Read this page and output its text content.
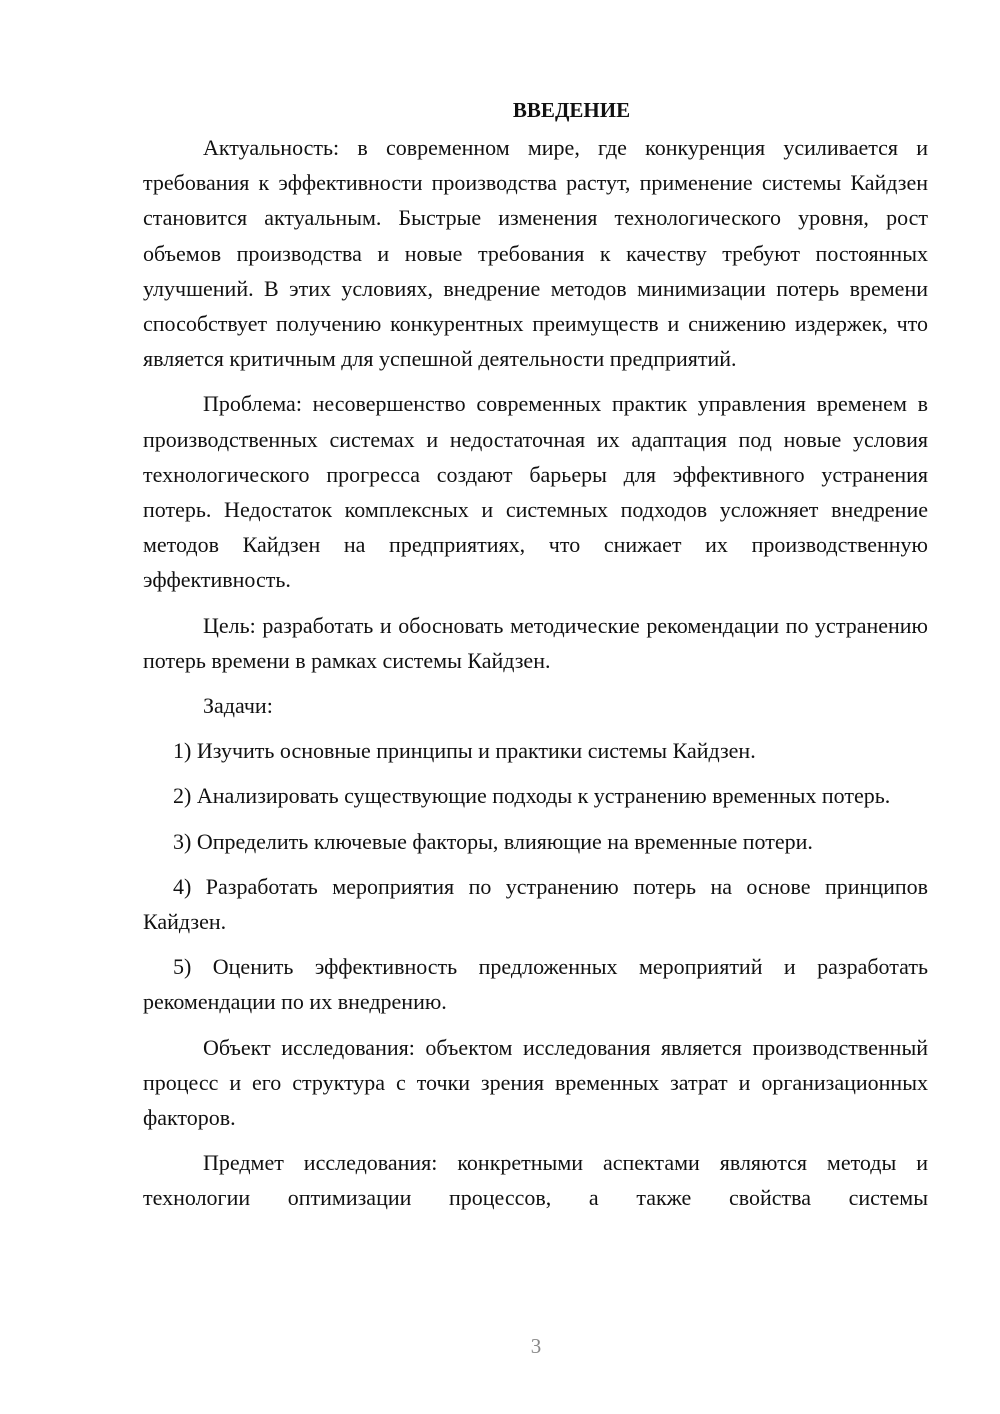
ВВЕДЕНИЕ

Актуальность: в современном мире, где конкуренция усиливается и требования к эффективности производства растут, применение системы Кайдзен становится актуальным. Быстрые изменения технологического уровня, рост объемов производства и новые требования к качеству требуют постоянных улучшений. В этих условиях, внедрение методов минимизации потерь времени способствует получению конкурентных преимуществ и снижению издержек, что является критичным для успешной деятельности предприятий.

Проблема: несовершенство современных практик управления временем в производственных системах и недостаточная их адаптация под новые условия технологического прогресса создают барьеры для эффективного устранения потерь. Недостаток комплексных и системных подходов усложняет внедрение методов Кайдзен на предприятиях, что снижает их производственную эффективность.

Цель: разработать и обосновать методические рекомендации по устранению потерь времени в рамках системы Кайдзен.

Задачи:

1) Изучить основные принципы и практики системы Кайдзен.

2) Анализировать существующие подходы к устранению временных потерь.

3) Определить ключевые факторы, влияющие на временные потери.

4) Разработать мероприятия по устранению потерь на основе принципов Кайдзен.

5) Оценить эффективность предложенных мероприятий и разработать рекомендации по их внедрению.

Объект исследования: объектом исследования является производственный процесс и его структура с точки зрения временных затрат и организационных факторов.

Предмет исследования: конкретными аспектами являются методы и технологии оптимизации процессов, а также свойства системы

3
